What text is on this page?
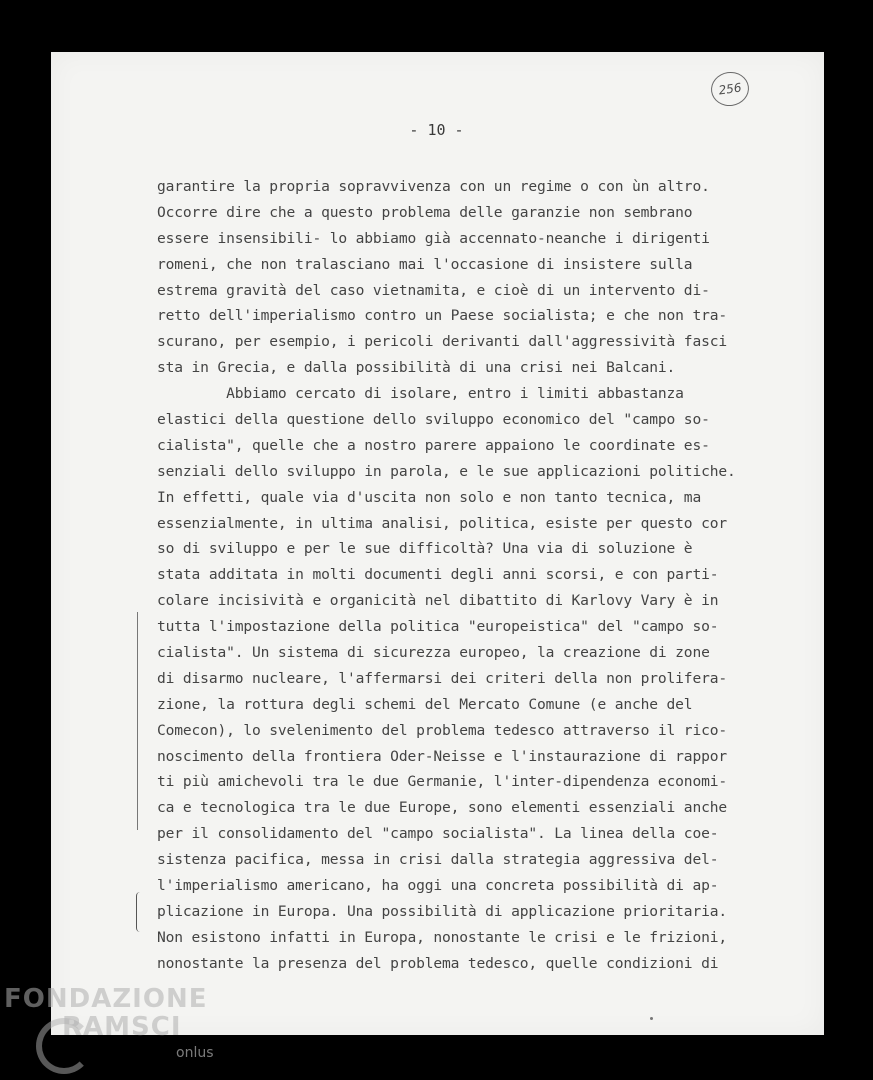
256
- 10 -
garantire la propria sopravvivenza con un regime o con ùn altro.
Occorre dire che a questo problema delle garanzie non sembrano
essere insensibili- lo abbiamo già accennato-neanche i dirigenti
romeni, che non tralasciano mai l'occasione di insistere sulla
estrema gravità del caso vietnamita, e cioè di un intervento di-
retto dell'imperialismo contro un Paese socialista; e che non tra-
scurano, per esempio, i pericoli derivanti dall'aggressività fasci
sta in Grecia, e dalla possibilità di una crisi nei Balcani.
Abbiamo cercato di isolare, entro i limiti abbastanza
elastici della questione dello sviluppo economico del "campo so-
cialista", quelle che a nostro parere appaiono le coordinate es-
senziali dello sviluppo in parola, e le sue applicazioni politiche.
In effetti, quale via d'uscita non solo e non tanto tecnica, ma
essenzialmente, in ultima analisi, politica, esiste per questo cor
so di sviluppo e per le sue difficoltà? Una via di soluzione è
stata additata in molti documenti degli anni scorsi, e con parti-
colare incisività e organicità nel dibattito di Karlovy Vary è in
tutta l'impostazione della politica "europeistica" del "campo so-
cialista". Un sistema di sicurezza europeo, la creazione di zone
di disarmo nucleare, l'affermarsi dei criteri della non prolifera-
zione, la rottura degli schemi del Mercato Comune (e anche del
Comecon), lo svelenimento del problema tedesco attraverso il rico-
noscimento della frontiera Oder-Neisse e l'instaurazione di rappor
ti più amichevoli tra le due Germanie, l'inter-dipendenza economi-
ca e tecnologica tra le due Europe, sono elementi essenziali anche
per il consolidamento del "campo socialista". La linea della coe-
sistenza pacifica, messa in crisi dalla strategia aggressiva del-
l'imperialismo americano, ha oggi una concreta possibilità di ap-
plicazione in Europa. Una possibilità di applicazione prioritaria.
Non esistono infatti in Europa, nonostante le crisi e le frizioni,
nonostante la presenza del problema tedesco, quelle condizioni di
FONDAZIONE
RAMSCI
onlus
